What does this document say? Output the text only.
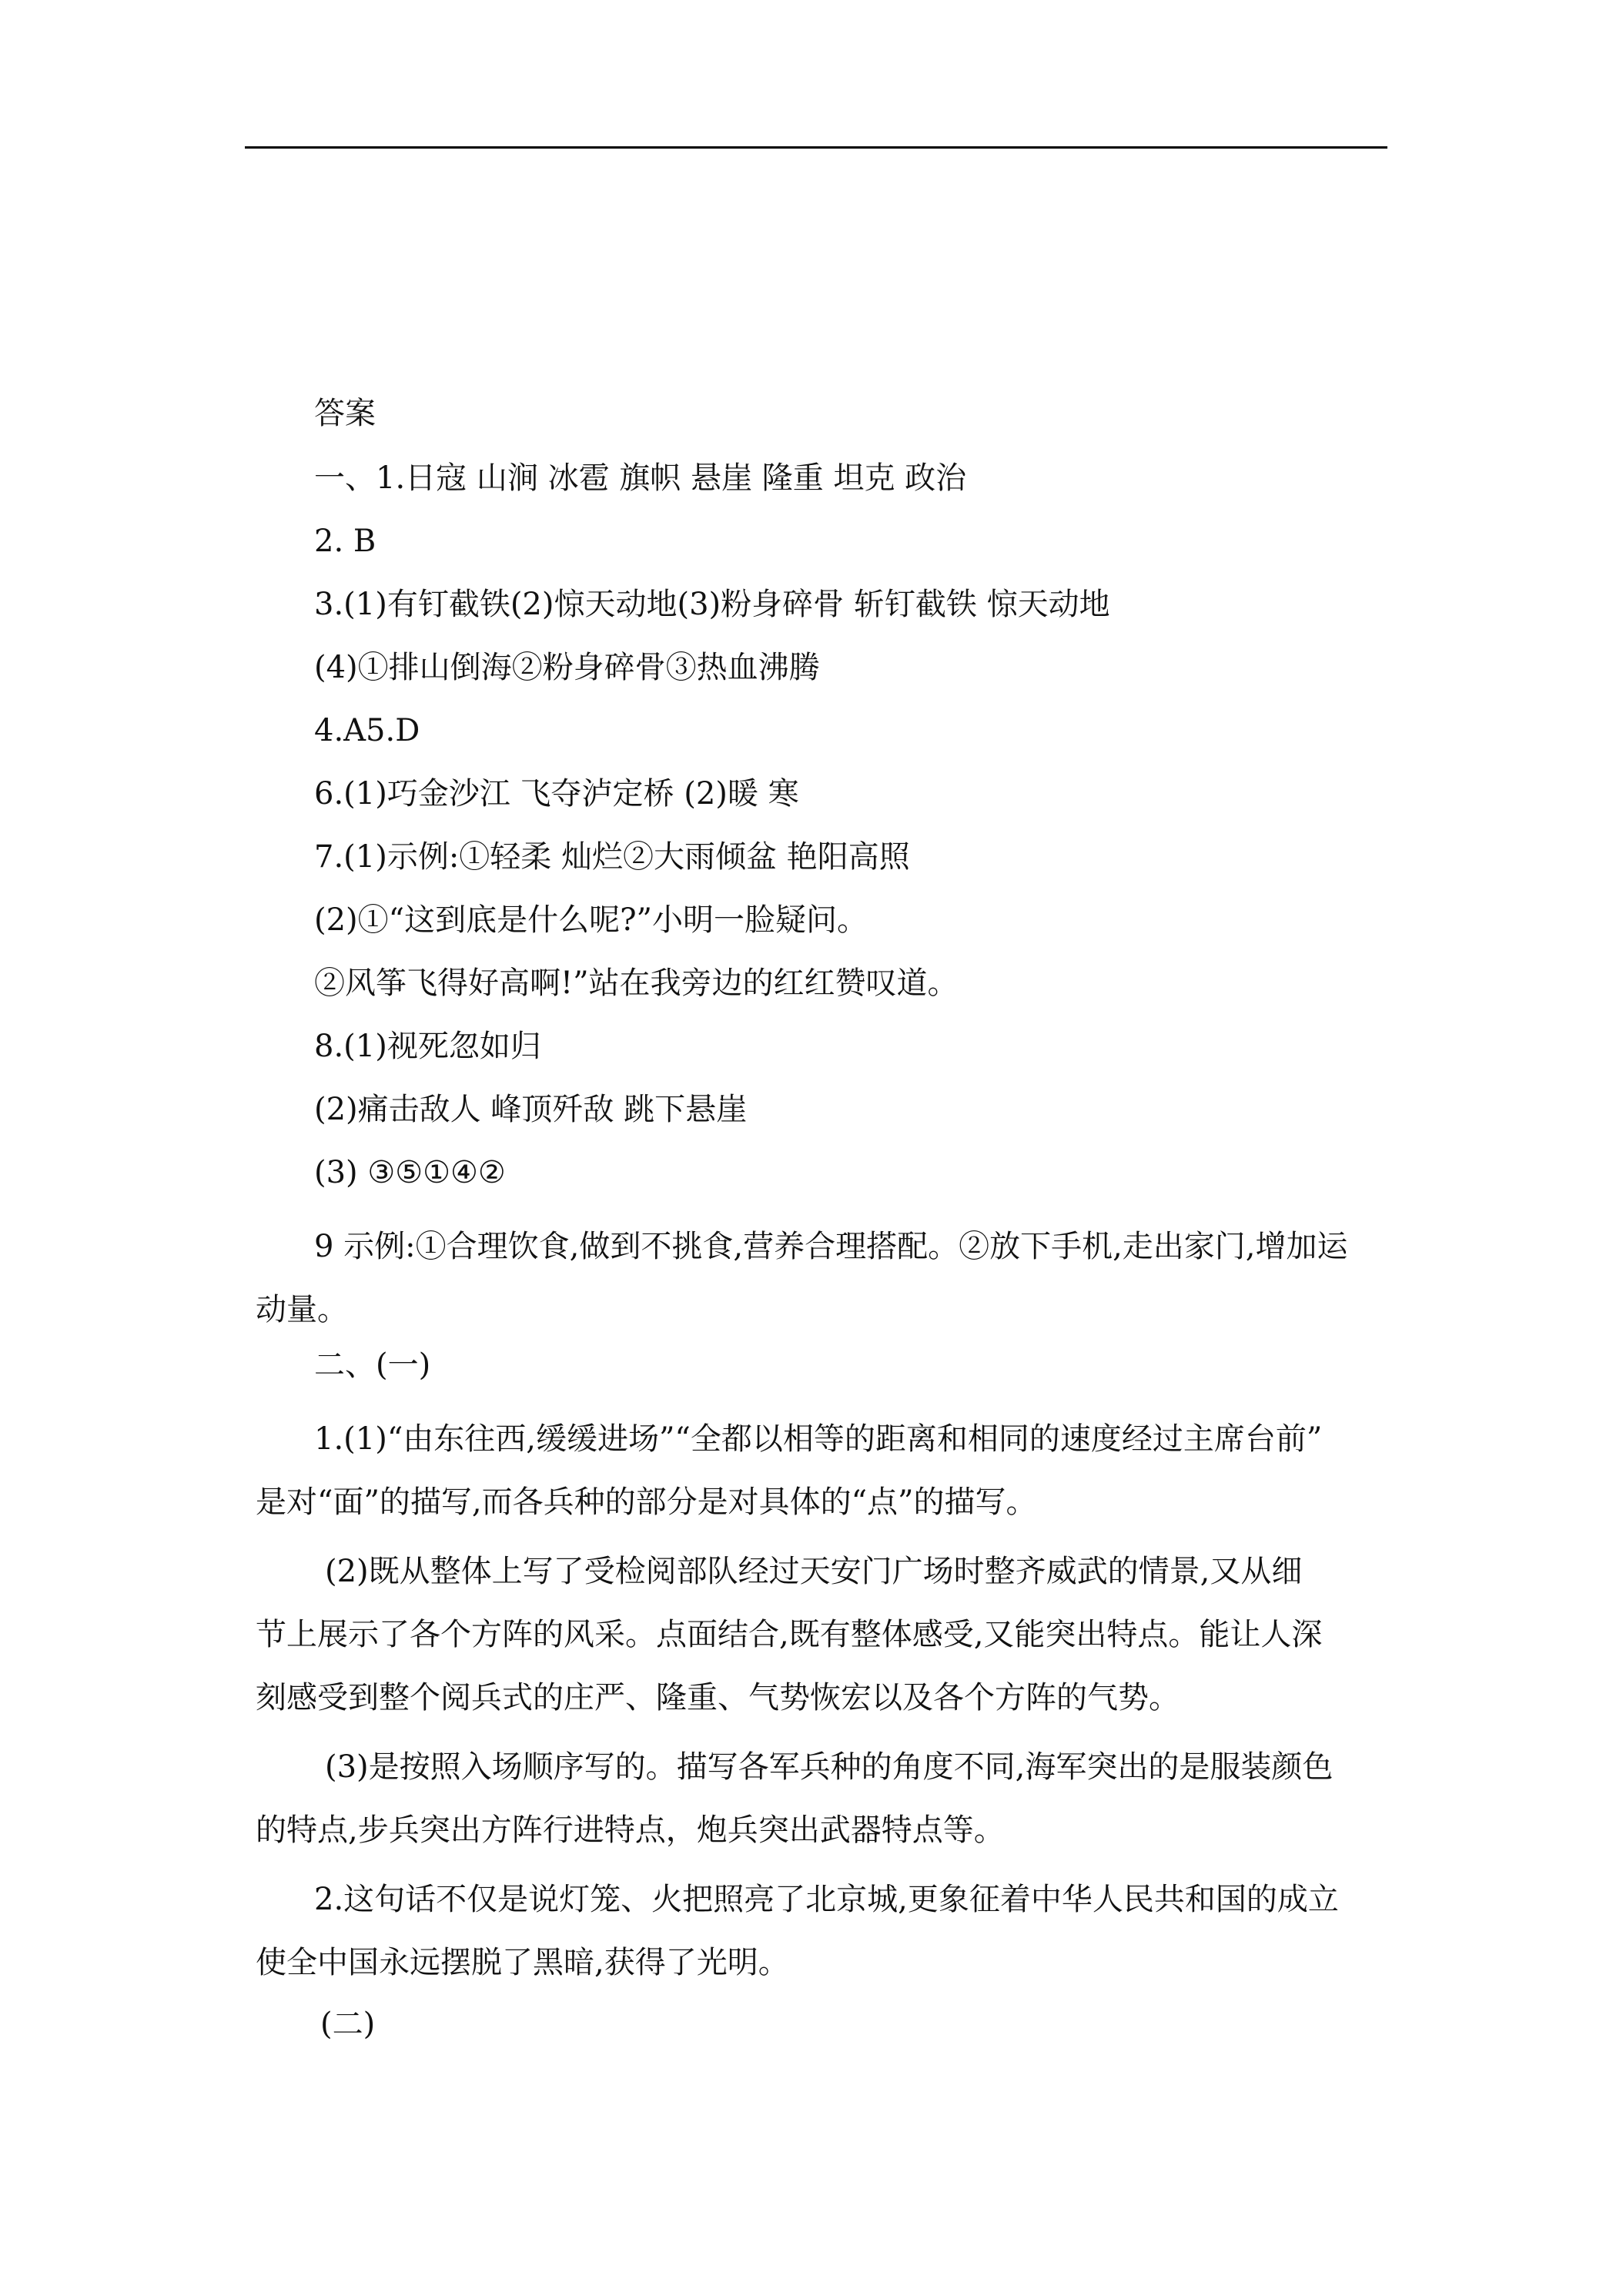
答案
一、1.日寇 山涧 冰雹 旗帜 悬崖 隆重 坦克 政治
2. B
3.(1)有钉截铁(2)惊天动地(3)粉身碎骨 斩钉截铁 惊天动地
(4)①排山倒海②粉身碎骨③热血沸腾
4.A5.D
6.(1)巧金沙江 飞夺泸定桥 (2)暖 寒
7.(1)示例:①轻柔 灿烂②大雨倾盆 艳阳高照
(2)①“这到底是什么呢?”小明一脸疑问。
②风筝飞得好高啊!”站在我旁边的红红赞叹道。
8.(1)视死忽如归
(2)痛击敌人 峰顶歼敌 跳下悬崖
(3) ③⑤①④②
9 示例:①合理饮食,做到不挑食,营养合理搭配。②放下手机,走出家门,增加运
动量。
二、(一)
1.(1)“由东往西,缓缓进场”“全都以相等的距离和相同的速度经过主席台前”
是对“面”的描写,而各兵种的部分是对具体的“点”的描写。
(2)既从整体上写了受检阅部队经过天安门广场时整齐威武的情景,又从细
节上展示了各个方阵的风采。点面结合,既有整体感受,又能突出特点。能让人深
刻感受到整个阅兵式的庄严、隆重、气势恢宏以及各个方阵的气势。
(3)是按照入场顺序写的。描写各军兵种的角度不同,海军突出的是服装颜色
的特点,步兵突出方阵行进特点，炮兵突出武器特点等。
2.这句话不仅是说灯笼、火把照亮了北京城,更象征着中华人民共和国的成立
使全中国永远摆脱了黑暗,获得了光明。
(二)
